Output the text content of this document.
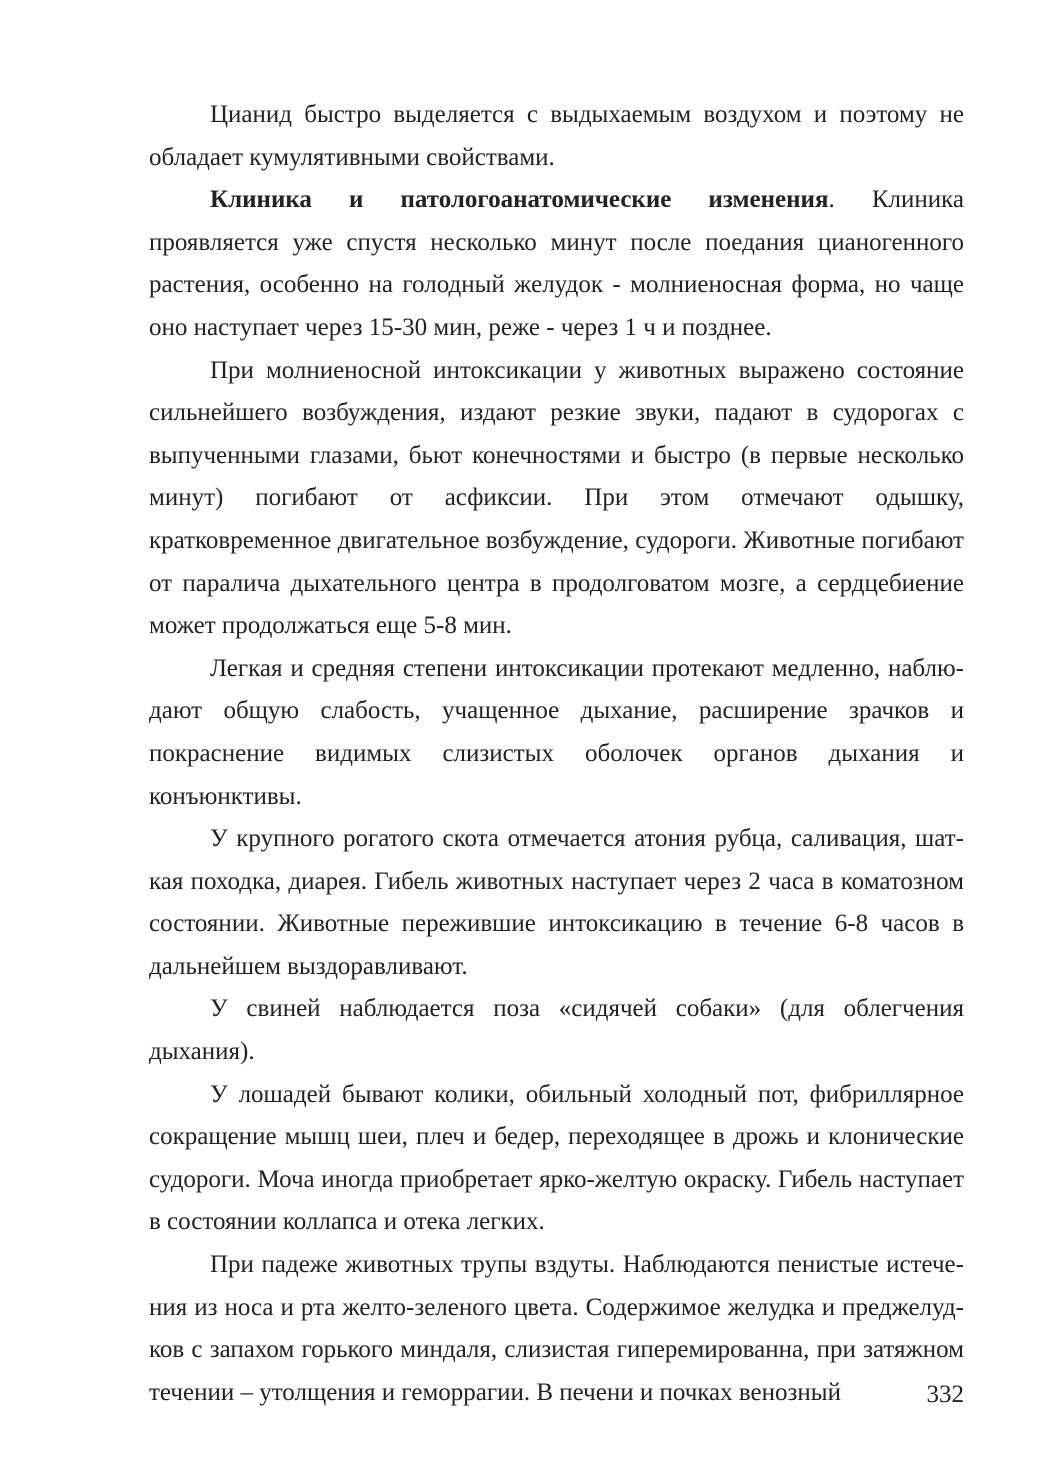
Цианид быстро выделяется с выдыхаемым воздухом и поэтому не обладает кумулятивными свойствами.

Клиника и патологоанатомические изменения. Клиника проявляется уже спустя несколько минут после поедания цианогенного растения, особенно на голодный желудок - молниеносная форма, но чаще оно наступает через 15-30 мин, реже - через 1 ч и позднее.

При молниеносной интоксикации у животных выражено состояние сильнейшего возбуждения, издают резкие звуки, падают в судорогах с выпученными глазами, бьют конечностями и быстро (в первые несколько минут) погибают от асфиксии. При этом отмечают одышку, кратковременное двигательное возбуждение, судороги. Животные погибают от паралича дыхательного центра в продолговатом мозге, а сердцебиение может продолжаться еще 5-8 мин.

Легкая и средняя степени интоксикации протекают медленно, наблюдают общую слабость, учащенное дыхание, расширение зрачков и покраснение видимых слизистых оболочек органов дыхания и конъюнктивы.

У крупного рогатого скота отмечается атония рубца, саливация, шаткая походка, диарея. Гибель животных наступает через 2 часа в коматозном состоянии. Животные пережившие интоксикацию в течение 6-8 часов в дальнейшем выздоравливают.

У свиней наблюдается поза «сидячей собаки» (для облегчения дыхания).

У лошадей бывают колики, обильный холодный пот, фибриллярное сокращение мышц шеи, плеч и бедер, переходящее в дрожь и клонические судороги. Моча иногда приобретает ярко-желтую окраску. Гибель наступает в состоянии коллапса и отека легких.

При падеже животных трупы вздуты. Наблюдаются пенистые истечения из носа и рта желто-зеленого цвета. Содержимое желудка и преджелудков с запахом горького миндаля, слизистая гиперемированна, при затяжном течении – утолщения и геморрагии. В печени и почках венозный	332
